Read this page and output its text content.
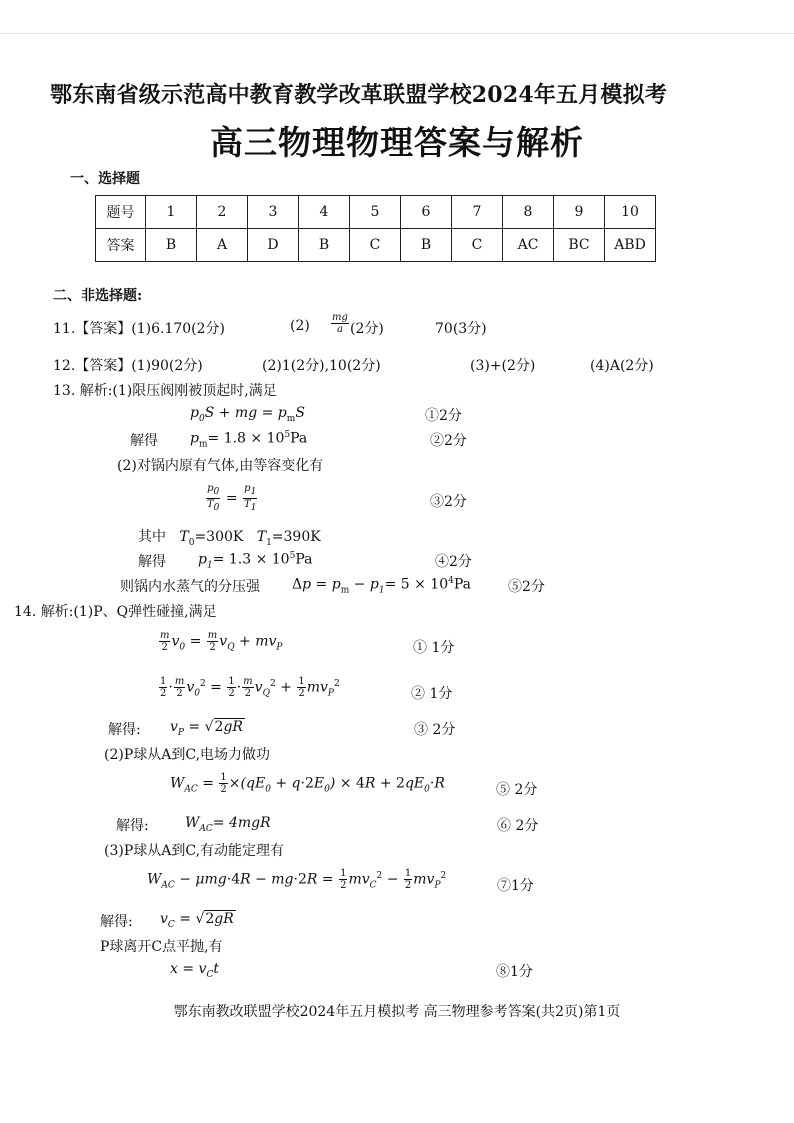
鄂东南省级示范高中教育教学改革联盟学校2024年五月模拟考
高三物理物理答案与解析
一、选择题
题号	1	2	3	4	5	6	7	8	9	10
答案	B	A	D	B	C	B	C	AC	BC	ABD
二、非选择题:
11.【答案】(1)6.170(2分)	$(2) \frac{mg}{a} (2$分)	70(3分)
12.【答案】(1)90(2分)	(2)1(2分),10(2分)	(3)+(2分)	(4)A(2分)
13. 解析:(1)限压阀刚被顶起时,满足
$p_0S$ + mg = $p_mS$	①2分
解得 $p_m= 1.8 \times 10^5Pa$	②2分
(2)对锅内原有气体,由等容变化有
$\frac{p_0}{T_0} = \frac{p_1}{T_1}$	③2分
其中 $T_0=300K$ $T_1=390K$
解得 $p_1= 1.3 \times 10^5Pa$	④2分
则锅内水蒸气的分压强 $\Delta p = p_m - p_1= 5 \times 10^4Pa$	⑤2分
14. 解析:(1)P、Q弹性碰撞,满足
$\frac{m}{2} v_0 = \frac{m}{2} v_Q + mv_P$	① 1分
$\frac{1}{2} \cdot \frac{m}{2} v_0^2 = \frac{1}{2} \cdot \frac{m}{2} v_Q^2 + \frac{1}{2} mv_P^2$
② 1分
解得: $v_P = √2gR$	③ 2分
(2)P球从A到C,电场力做功
$W_{AC} = \frac{1}{2} \times(qE_0 + q\cdot 2E_0) \times 4R + 2qE_0\cdot R$	⑤ 2分
解得:	$W_{AC}= 4mgR$	⑥ 2分
(3)P球从A到C,有动能定理有
$W_{AC} - \mu mg\cdot 4R - mg\cdot 2R = \frac{1}{2} mv_C^2 - \frac{1}{2} mv_P^2$
⑦1分
解得: $v_C = √2gR$
P球离开C点平抛,有
$x = v_Ct$	⑧1分
鄂东南教改联盟学校2024年五月模拟考 高三物理参考答案(共2页)第1页
